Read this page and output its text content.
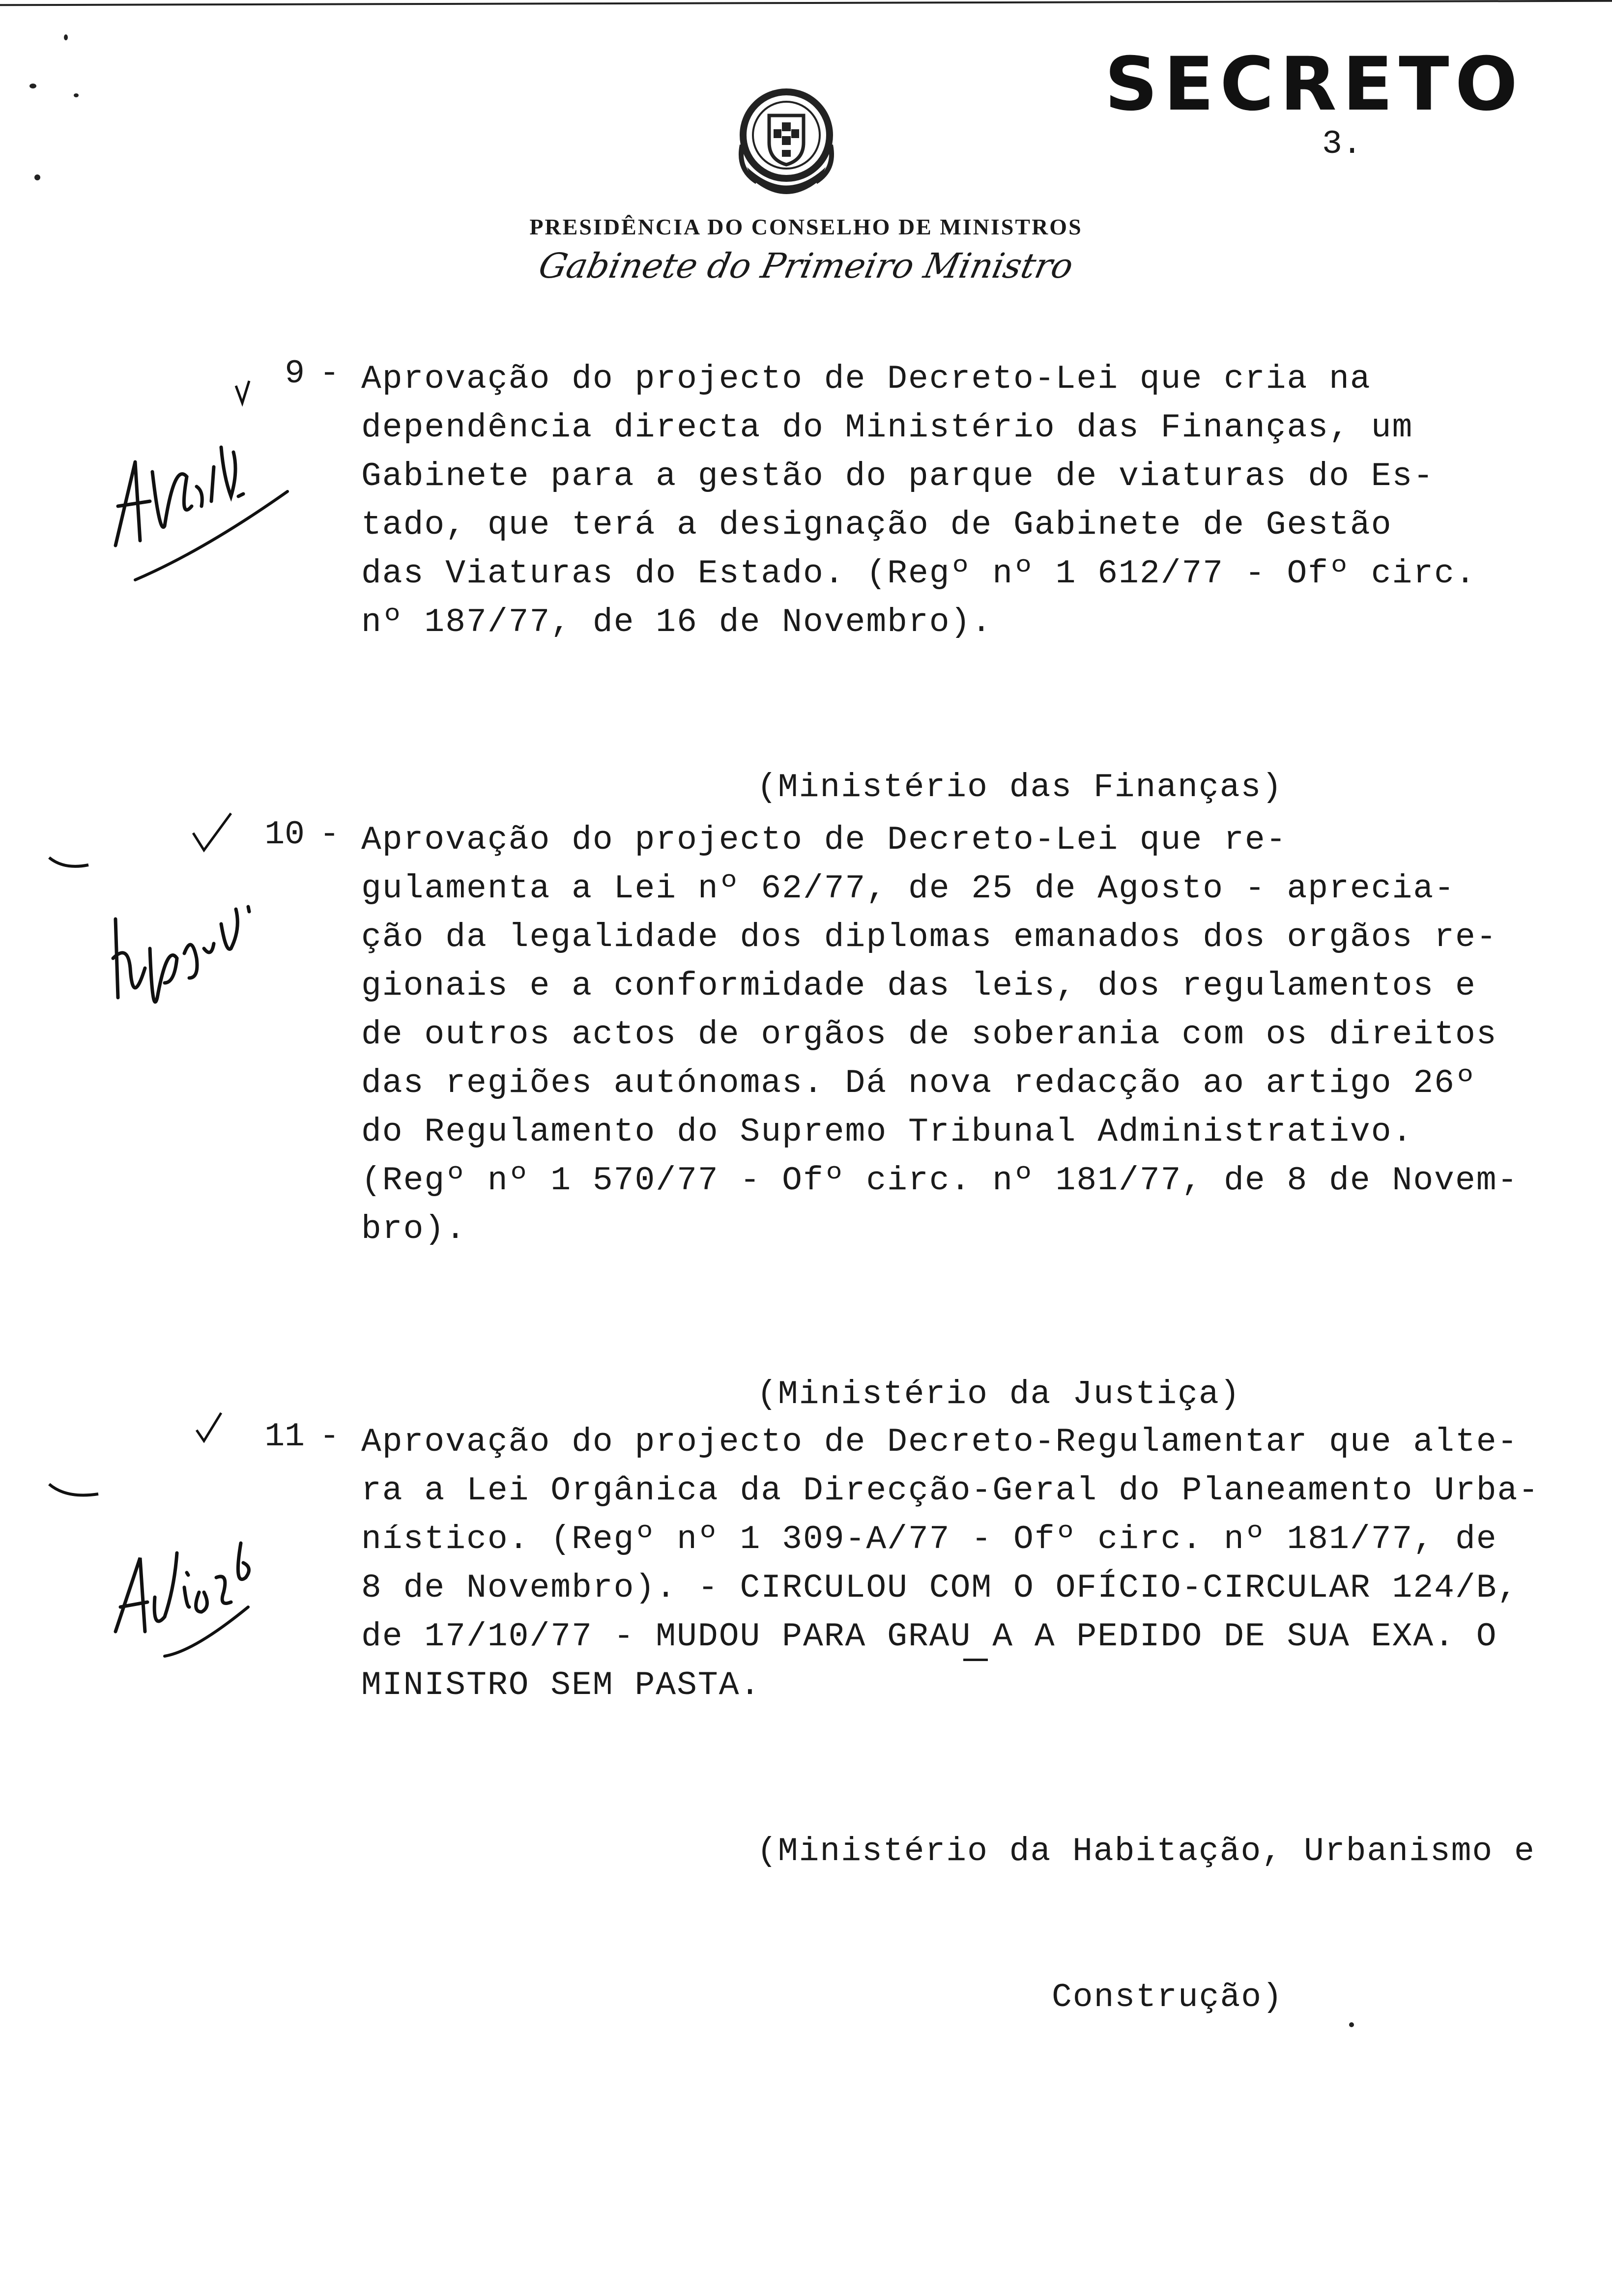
SECRETO
3.
PRESIDÊNCIA DO CONSELHO DE MINISTROS
Gabinete do Primeiro Ministro
9 - Aprovação do projecto de Decreto-Lei que cria na
dependência directa do Ministério das Finanças, um
Gabinete para a gestão do parque de viaturas do Es-
tado, que terá a designação de Gabinete de Gestão
das Viaturas do Estado. (Regº nº 1 612/77 - Ofº circ.
nº 187/77, de 16 de Novembro).

(Ministério das Finanças)

10 - Aprovação do projecto de Decreto-Lei que re-
gulamenta a Lei nº 62/77, de 25 de Agosto - aprecia-
ção da legalidade dos diplomas emanados dos orgãos re-
gionais e a conformidade das leis, dos regulamentos e
de outros actos de orgãos de soberania com os direitos
das regiões autónomas. Dá nova redacção ao artigo 26º
do Regulamento do Supremo Tribunal Administrativo.
(Regº nº 1 570/77 - Ofº circ. nº 181/77, de 8 de Novem-
bro).

(Ministério da Justiça)

11 - Aprovação do projecto de Decreto-Regulamentar que alte-
ra a Lei Orgânica da Direcção-Geral do Planeamento Urba-
nístico. (Regº nº 1 309-A/77 - Ofº circ. nº 181/77, de
8 de Novembro). - CIRCULOU COM O OFÍCIO-CIRCULAR 124/B,
de 17/10/77 - MUDOU PARA GRAU A A PEDIDO DE SUA EXA. O
MINISTRO SEM PASTA.

(Ministério da Habitação, Urbanismo e

Construção)
